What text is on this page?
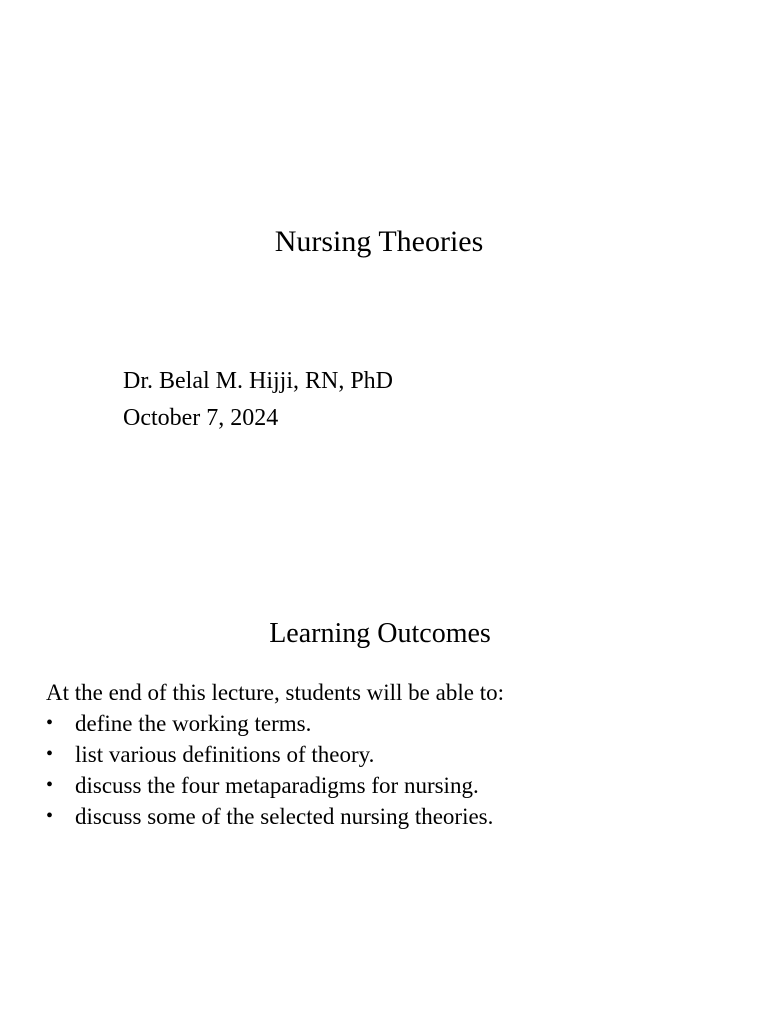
Nursing Theories
Dr. Belal M. Hijji, RN, PhD
October 7, 2024
Learning Outcomes
At the end of this lecture, students will be able to:
• define the working terms.
• list various definitions of theory.
• discuss the four metaparadigms for nursing.
• discuss some of the selected nursing theories.
